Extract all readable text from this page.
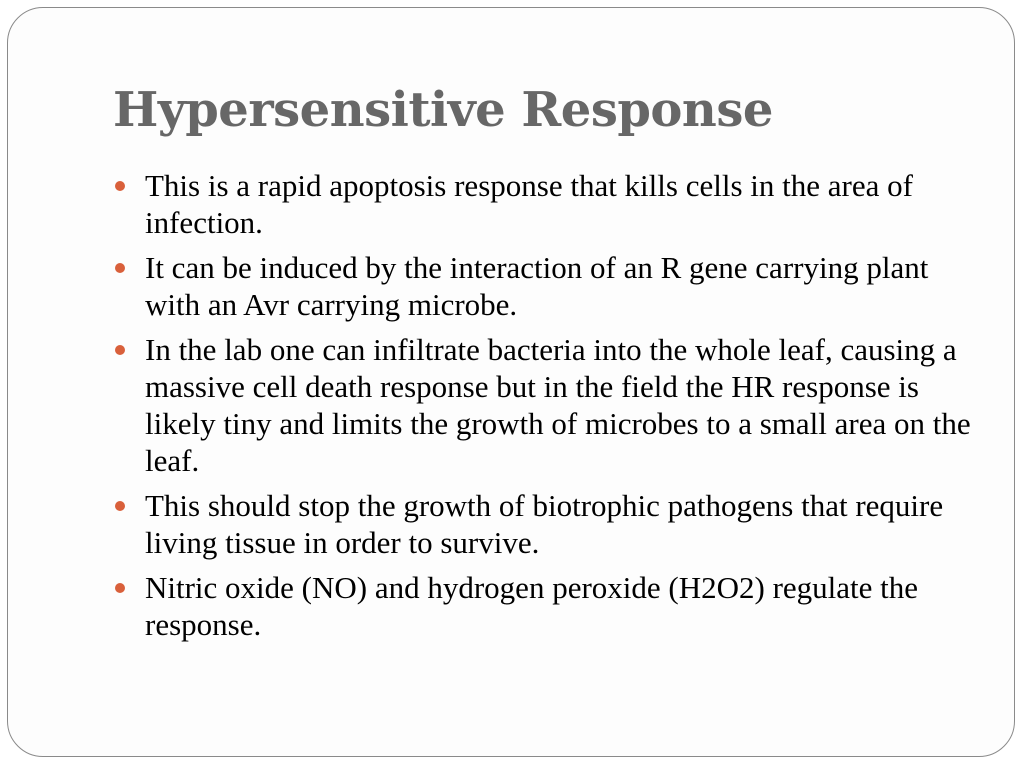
Hypersensitive Response
This is a rapid apoptosis response that kills cells in the area of infection.
It can be induced by the interaction of an R gene carrying plant with an Avr carrying microbe.
In the lab one can infiltrate bacteria into the whole leaf, causing a massive cell death response but in the field the HR response is likely tiny and limits the growth of microbes to a small area on the leaf.
This should stop the growth of biotrophic pathogens that require living tissue in order to survive.
Nitric oxide (NO) and hydrogen peroxide (H2O2) regulate the response.
